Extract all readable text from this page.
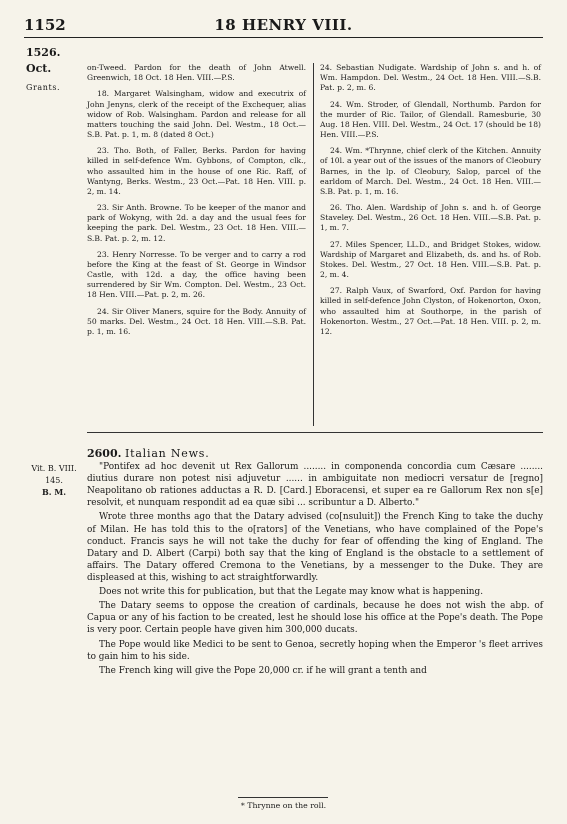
1152	18 HENRY VIII.
1526.
Oct.
Grants.

on-Tweed. Pardon for the death of John Atwell. Greenwich, 18 Oct. 18 Hen. VIII.—P.S.

18. Margaret Walsingham, widow and executrix of John Jenyns, clerk of the receipt of the Exchequer, alias widow of Rob. Walsingham. Pardon and release for all matters touching the said John. Del. Westm., 18 Oct.—S.B. Pat. p. 1, m. 8 (dated 8 Oct.)

23. Tho. Both, of Faller, Berks. Pardon for having killed in self-defence Wm. Gybbons, of Compton, clk., who assaulted him in the house of one Ric. Raff, of Wantyng, Berks. Westm., 23 Oct.—Pat. 18 Hen. VIII. p. 2, m. 14.

23. Sir Anth. Browne. To be keeper of the manor and park of Wokyng, with 2d. a day and the usual fees for keeping the park. Del. Westm., 23 Oct. 18 Hen. VIII.—S.B. Pat. p. 2, m. 12.

23. Henry Norresse. To be verger and to carry a rod before the King at the feast of St. George in Windsor Castle, with 12d. a day, the office having been surrendered by Sir Wm. Compton. Del. Westm., 23 Oct. 18 Hen. VIII.—Pat. p. 2, m. 26.

24. Sir Oliver Maners, squire for the Body. Annuity of 50 marks. Del. Westm., 24 Oct. 18 Hen. VIII.—S.B. Pat. p. 1, m. 16.

24. Sebastian Nudigate. Wardship of John s. and h. of Wm. Hampdon. Del. Westm., 24 Oct. 18 Hen. VIII.—S.B. Pat. p. 2, m. 6.

24. Wm. Stroder, of Glendall, Northumb. Pardon for the murder of Ric. Tailor, of Glendall. Ramesburie, 30 Aug. 18 Hen. VIII. Del. Westm., 24 Oct. 17 (should be 18) Hen. VIII.—P.S.

24. Wm. *Thrynne, chief clerk of the Kitchen. Annuity of 10l. a year out of the issues of the manors of Cleobury Barnes, in the lp. of Cleobury, Salop, parcel of the earldom of March. Del. Westm., 24 Oct. 18 Hen. VIII.—S.B. Pat. p. 1, m. 16.

26. Tho. Alen. Wardship of John s. and h. of George Staveley. Del. Westm., 26 Oct. 18 Hen. VIII.—S.B. Pat. p. 1, m. 7.

27. Miles Spencer, LL.D., and Bridget Stokes, widow. Wardship of Margaret and Elizabeth, ds. and hs. of Rob. Stokes. Del. Westm., 27 Oct. 18 Hen. VIII.—S.B. Pat. p. 2, m. 4.

27. Ralph Vaux, of Swarford, Oxf. Pardon for having killed in self-defence John Clyston, of Hokenorton, Oxon, who assaulted him at Southorpe, in the parish of Hokenorton. Westm., 27 Oct.—Pat. 18 Hen. VIII. p. 2, m. 12.

2600. Italian News.
Vit. B. VIII. 145.
B. M.

"Pontifex ad hoc devenit ut Rex Gallorum ........ in componenda concordia cum Cæsare ........ diutius durare non potest nisi adjuvetur ...... in ambiguitate non mediocri versatur de [regno] Neapolitano ob rationes adductas a R. D. [Card.] Eboracensi, et super ea re Gallorum Rex non s[e] resolvit, et nunquam respondit ad ea quæ sibi ... scribuntur a D. Alberto."

Wrote three months ago that the Datary advised (co[nsuluit]) the French King to take the duchy of Milan. He has told this to the o[rators] of the Venetians, who have complained of the Pope's conduct. Francis says he will not take the duchy for fear of offending the king of England. The Datary and D. Albert (Carpi) both say that the king of England is the obstacle to a settlement of affairs. The Datary offered Cremona to the Venetians, by a messenger to the Duke. They are displeased at this, wishing to act straightforwardly.

Does not write this for publication, but that the Legate may know what is happening.

The Datary seems to oppose the creation of cardinals, because he does not wish the abp. of Capua or any of his faction to be created, lest he should lose his office at the Pope's death. The Pope is very poor. Certain people have given him 300,000 ducats.

The Pope would like Medici to be sent to Genoa, secretly hoping when the Emperor 's fleet arrives to gain him to his side.

The French king will give the Pope 20,000 cr. if he will grant a tenth and

* Thrynne on the roll.
